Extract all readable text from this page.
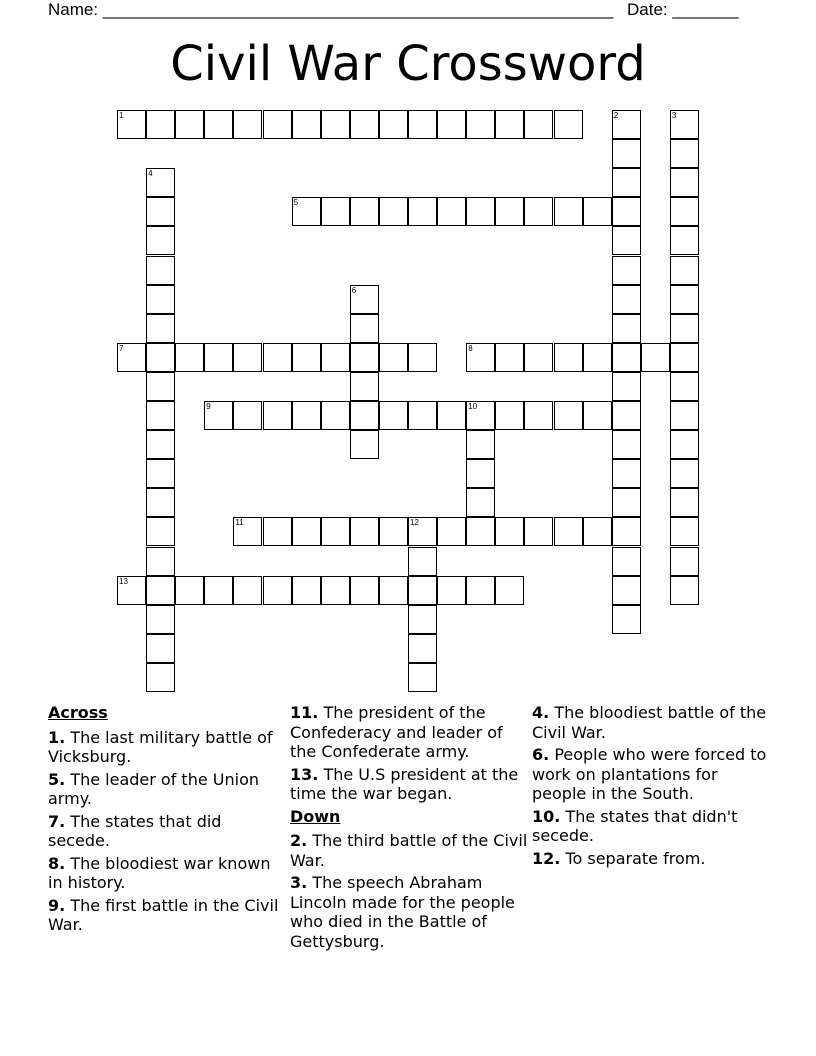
Name: ______________________________________________________ Date: _______
Civil War Crossword
1	2	3
4
5
6
7	8
9	10
11	12
13
Across
1. The last military battle of Vicksburg.
5. The leader of the Union army.
7. The states that did secede.
8. The bloodiest war known in history.
9. The first battle in the Civil War.
11. The president of the Confederacy and leader of the Confederate army.
13. The U.S president at the time the war began.
Down
2. The third battle of the Civil War.
3. The speech Abraham Lincoln made for the people who died in the Battle of Gettysburg.
4. The bloodiest battle of the Civil War.
6. People who were forced to work on plantations for people in the South.
10. The states that didn't secede.
12. To separate from.
